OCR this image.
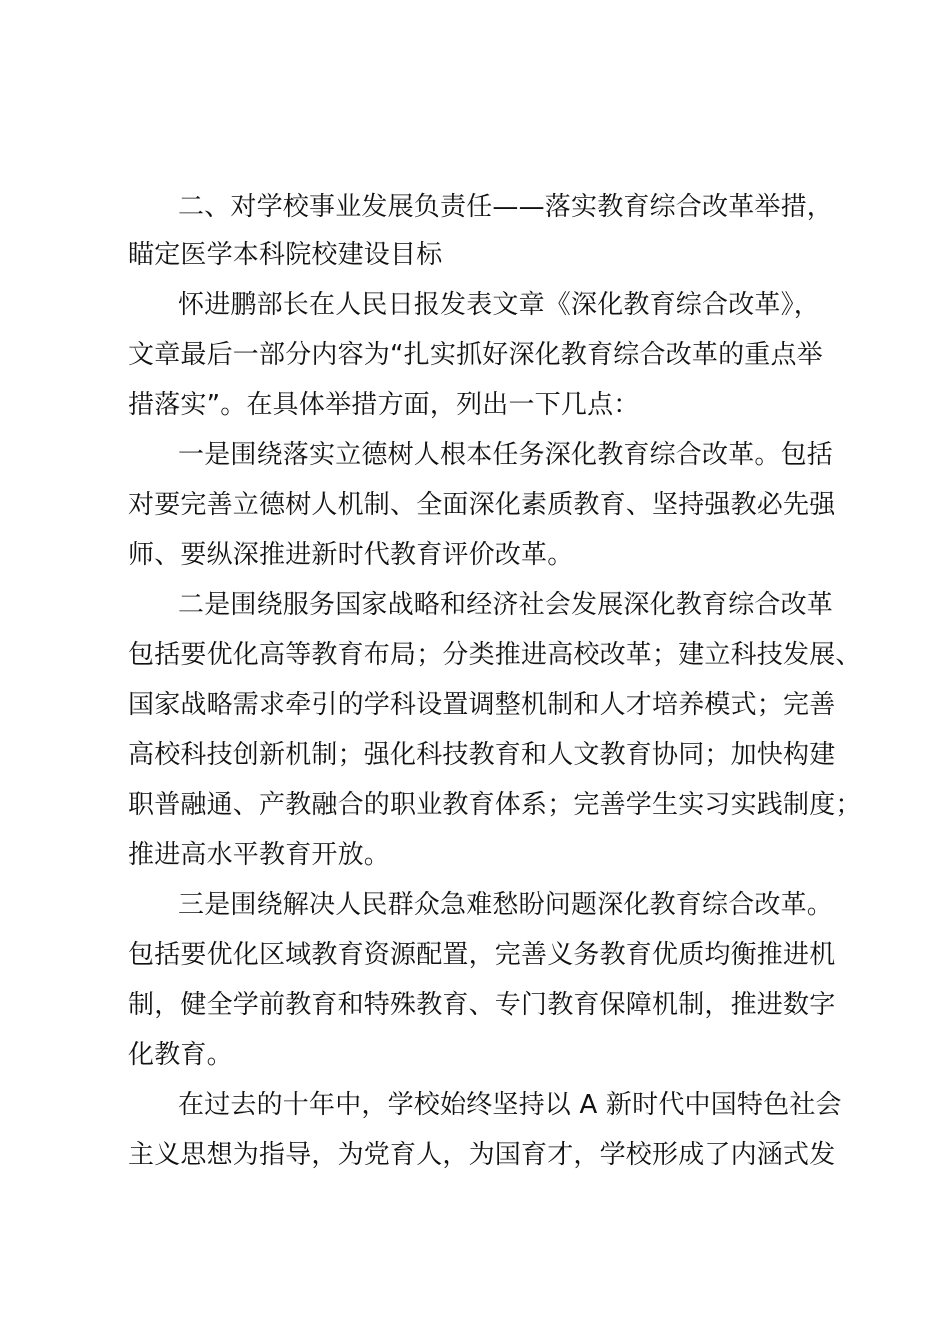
二、对学校事业发展负责任——落实教育综合改革举措，
瞄定医学本科院校建设目标
怀进鹏部长在人民日报发表文章《深化教育综合改革》，
文章最后一部分内容为“扎实抓好深化教育综合改革的重点举
措落实”。在具体举措方面，列出一下几点：
一是围绕落实立德树人根本任务深化教育综合改革。包括
对要完善立德树人机制、全面深化素质教育、坚持强教必先强
师、要纵深推进新时代教育评价改革。
二是围绕服务国家战略和经济社会发展深化教育综合改革
包括要优化高等教育布局；分类推进高校改革；建立科技发展、
国家战略需求牵引的学科设置调整机制和人才培养模式；完善
高校科技创新机制；强化科技教育和人文教育协同；加快构建
职普融通、产教融合的职业教育体系；完善学生实习实践制度；
推进高水平教育开放。
三是围绕解决人民群众急难愁盼问题深化教育综合改革。
包括要优化区域教育资源配置，完善义务教育优质均衡推进机
制，健全学前教育和特殊教育、专门教育保障机制，推进数字
化教育。
在过去的十年中，学校始终坚持以 A 新时代中国特色社会
主义思想为指导，为党育人，为国育才，学校形成了内涵式发
